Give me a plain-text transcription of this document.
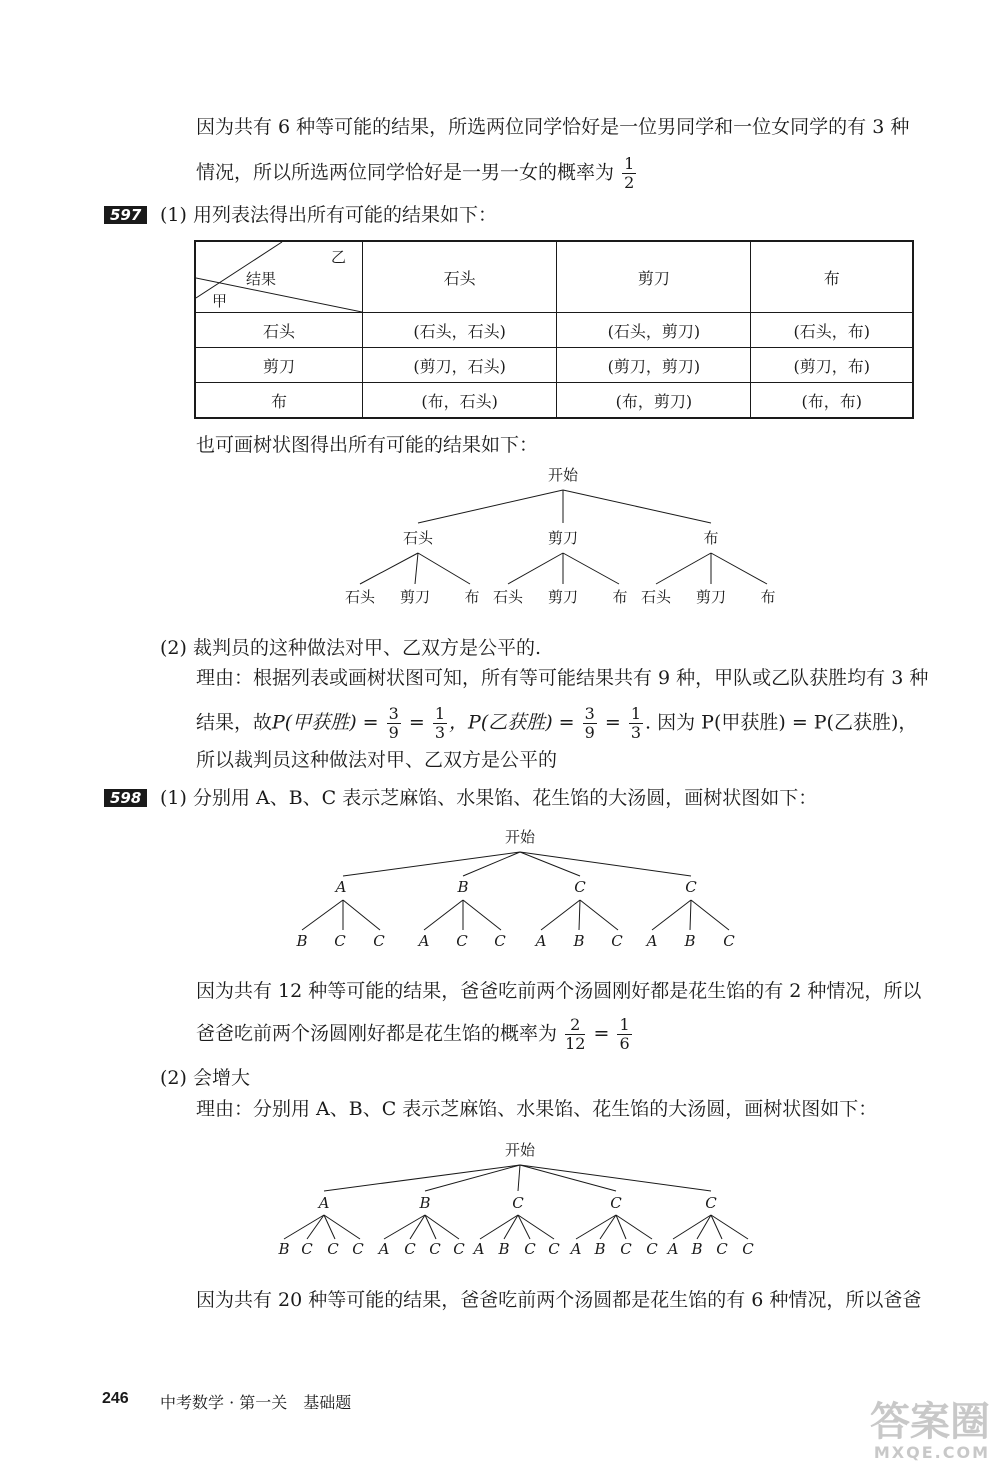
因为共有 6 种等可能的结果，所选两位同学恰好是一位男同学和一位女同学的有 3 种
情况，所以所选两位同学恰好是一男一女的概率为 $\frac{1}{2}$
597 (1) 用列表法得出所有可能的结果如下：
乙
结果
甲	石头	剪刀	布
石头	(石头，石头)	(石头，剪刀)	(石头，布)
剪刀	(剪刀，石头)	(剪刀，剪刀)	(剪刀，布)
布	(布，石头)	(布，剪刀)	(布，布)
也可画树状图得出所有可能的结果如下：
开始
石头	剪刀	布
石头 剪刀 布 石头 剪刀 布 石头 剪刀 布
(2) 裁判员的这种做法对甲、乙双方是公平的.
理由：根据列表或画树状图可知，所有等可能结果共有 9 种，甲队或乙队获胜均有 3 种
结果，故P(甲获胜) = $\frac{3}{9} = \frac{1}{3}$ ，P(乙获胜) = $\frac{3}{9} = \frac{1}{3}$ . 因为 P(甲获胜) = P(乙获胜)，
所以裁判员这种做法对甲、乙双方是公平的
598 (1) 分别用 A、B、C 表示芝麻馅、水果馅、花生馅的大汤圆，画树状图如下：
开始
A	B	C	C
B C C A C C A B C A B C
因为共有 12 种等可能的结果，爸爸吃前两个汤圆刚好都是花生馅的有 2 种情况，所以
爸爸吃前两个汤圆刚好都是花生馅的概率为 $\frac{2}{12} = \frac{1}{6}$
(2) 会增大
理由：分别用 A、B、C 表示芝麻馅、水果馅、花生馅的大汤圆，画树状图如下：
开始
A	B	C	C	C
B C C C A C C C A B C C A B C C A B C C
因为共有 20 种等可能的结果，爸爸吃前两个汤圆都是花生馅的有 6 种情况，所以爸爸
246 中考数学 · 第一关　基础题	答案圈
MXQE.COM
